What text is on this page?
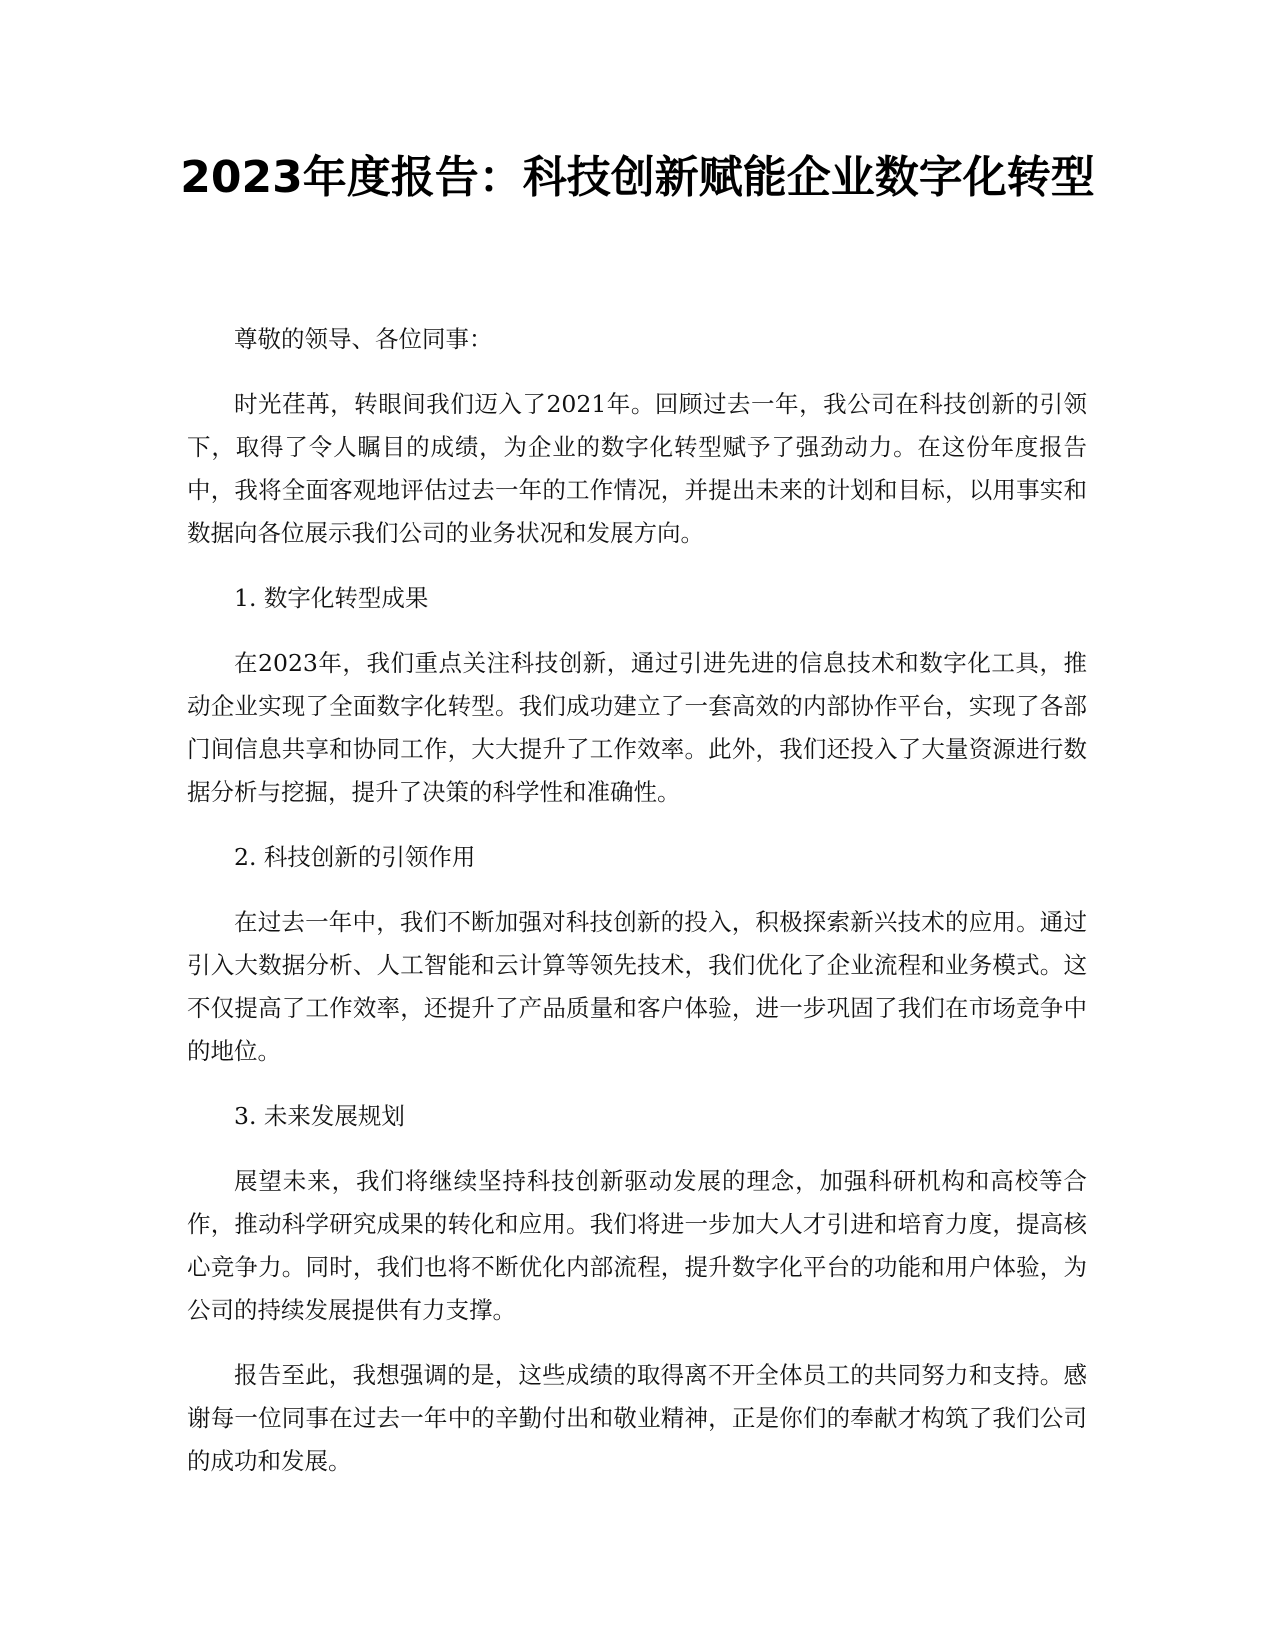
2023年度报告：科技创新赋能企业数字化转型

尊敬的领导、各位同事：

时光荏苒，转眼间我们迈入了2021年。回顾过去一年，我公司在科技创新的引领下，取得了令人瞩目的成绩，为企业的数字化转型赋予了强劲动力。在这份年度报告中，我将全面客观地评估过去一年的工作情况，并提出未来的计划和目标，以用事实和数据向各位展示我们公司的业务状况和发展方向。

1. 数字化转型成果

在2023年，我们重点关注科技创新，通过引进先进的信息技术和数字化工具，推动企业实现了全面数字化转型。我们成功建立了一套高效的内部协作平台，实现了各部门间信息共享和协同工作，大大提升了工作效率。此外，我们还投入了大量资源进行数据分析与挖掘，提升了决策的科学性和准确性。

2. 科技创新的引领作用

在过去一年中，我们不断加强对科技创新的投入，积极探索新兴技术的应用。通过引入大数据分析、人工智能和云计算等领先技术，我们优化了企业流程和业务模式。这不仅提高了工作效率，还提升了产品质量和客户体验，进一步巩固了我们在市场竞争中的地位。

3. 未来发展规划

展望未来，我们将继续坚持科技创新驱动发展的理念，加强科研机构和高校等合作，推动科学研究成果的转化和应用。我们将进一步加大人才引进和培育力度，提高核心竞争力。同时，我们也将不断优化内部流程，提升数字化平台的功能和用户体验，为公司的持续发展提供有力支撑。

报告至此，我想强调的是，这些成绩的取得离不开全体员工的共同努力和支持。感谢每一位同事在过去一年中的辛勤付出和敬业精神，正是你们的奉献才构筑了我们公司的成功和发展。
